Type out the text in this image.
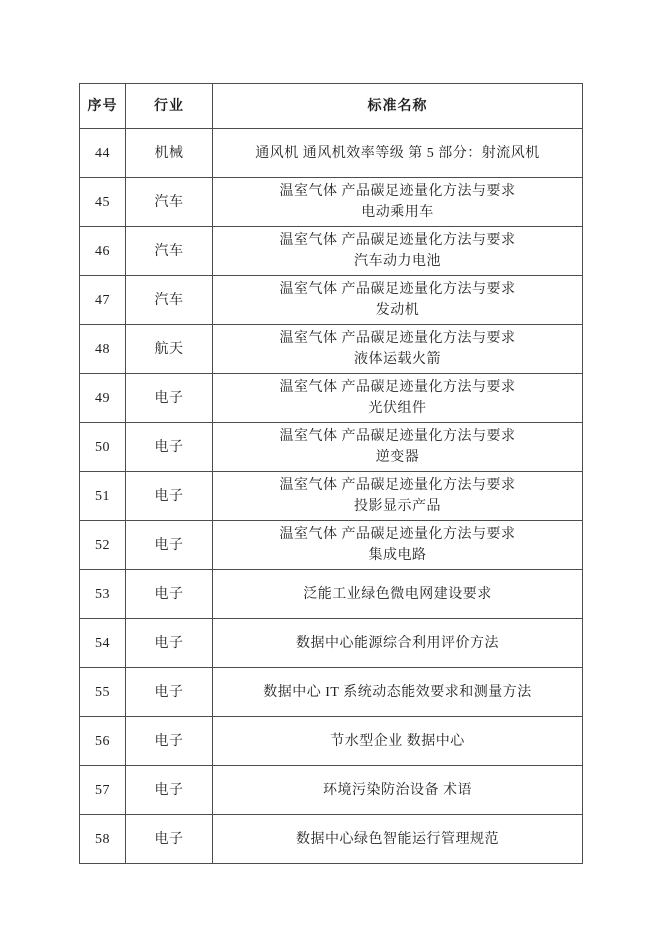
序号	行业	标准名称
44	机械	通风机 通风机效率等级 第 5 部分：射流风机

45	汽车	温室气体 产品碳足迹量化方法与要求
电动乘用车

46	汽车	温室气体 产品碳足迹量化方法与要求
汽车动力电池

47	汽车	温室气体 产品碳足迹量化方法与要求
发动机

48	航天	温室气体 产品碳足迹量化方法与要求
液体运载火箭

49	电子	温室气体 产品碳足迹量化方法与要求
光伏组件

50	电子	温室气体 产品碳足迹量化方法与要求
逆变器

51	电子	温室气体 产品碳足迹量化方法与要求
投影显示产品

52	电子	温室气体 产品碳足迹量化方法与要求
集成电路

53	电子	泛能工业绿色微电网建设要求

54	电子	数据中心能源综合利用评价方法

55	电子	数据中心 IT 系统动态能效要求和测量方法

56	电子	节水型企业 数据中心

57	电子	环境污染防治设备 术语

58	电子	数据中心绿色智能运行管理规范
